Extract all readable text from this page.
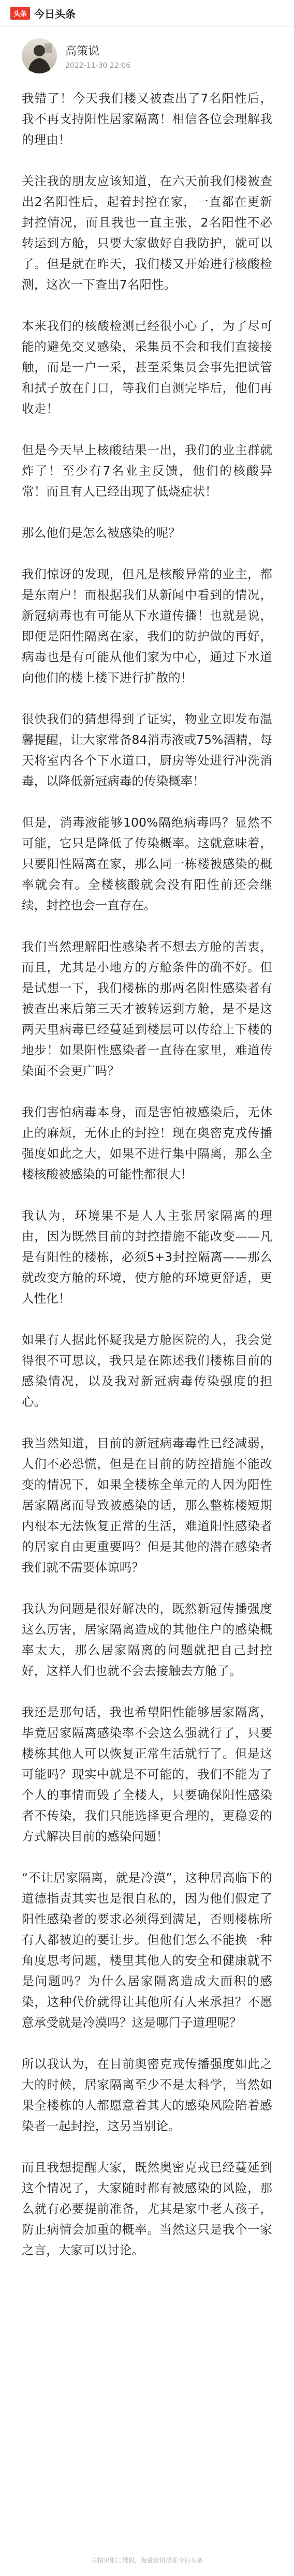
头条 今日头条
高策说
2022-11-30 22:06

我错了！今天我们楼又被查出了7名阳性后，我不再支持阳性居家隔离！相信各位会理解我的理由！

关注我的朋友应该知道，在六天前我们楼被查出2名阳性后，起着封控在家，一直都在更新封控情况，而且我也一直主张，2名阳性不必转运到方舱，只要大家做好自我防护，就可以了。但是就在昨天，我们楼又开始进行核酸检测，这次一下查出7名阳性。

本来我们的核酸检测已经很小心了，为了尽可能的避免交叉感染，采集员不会和我们直接接触，而是一户一采，甚至采集员会事先把试管和拭子放在门口，等我们自测完毕后，他们再收走！

但是今天早上核酸结果一出，我们的业主群就炸了！至少有7名业主反馈，他们的核酸异常！而且有人已经出现了低烧症状！

那么他们是怎么被感染的呢？

我们惊讶的发现，但凡是核酸异常的业主，都是东南户！而根据我们从新闻中看到的情况，新冠病毒也有可能从下水道传播！也就是说，即便是阳性隔离在家，我们的防护做的再好，病毒也是有可能从他们家为中心，通过下水道向他们的楼上楼下进行扩散的！

很快我们的猜想得到了证实，物业立即发布温馨提醒，让大家常备84消毒液或75%酒精，每天将室内各个下水道口，厨房等处进行冲洗消毒，以降低新冠病毒的传染概率！

但是，消毒液能够100%隔绝病毒吗？显然不可能，它只是降低了传染概率。这就意味着，只要阳性隔离在家，那么同一栋楼被感染的概率就会有。全楼核酸就会没有阳性前还会继续，封控也会一直存在。

我们当然理解阳性感染者不想去方舱的苦衷，而且，尤其是小地方的方舱条件的确不好。但是试想一下，我们楼栋的那两名阳性感染者有被查出来后第三天才被转运到方舱，是不是这两天里病毒已经蔓延到楼层可以传给上下楼的地步！如果阳性感染者一直待在家里，难道传染面不会更广吗？

我们害怕病毒本身，而是害怕被感染后，无休止的麻烦，无休止的封控！现在奥密克戎传播强度如此之大，如果不进行集中隔离，那么全楼核酸被感染的可能性都很大！

我认为，环境果不是人人主张居家隔离的理由，因为既然目前的封控措施不能改变——凡是有阳性的楼栋，必须5+3封控隔离——那么就改变方舱的环境，使方舱的环境更舒适，更人性化！

如果有人据此怀疑我是方舱医院的人，我会觉得很不可思议，我只是在陈述我们楼栋目前的感染情况，以及我对新冠病毒传染强度的担心。

我当然知道，目前的新冠病毒毒性已经减弱，人们不必恐慌，但是在目前的防控措施不能改变的情况下，如果全楼栋全单元的人因为阳性居家隔离而导致被感染的话，那么整栋楼短期内根本无法恢复正常的生活，难道阳性感染者的居家自由更重要吗？但是其他的潜在感染者我们就不需要体谅吗？

我认为问题是很好解决的，既然新冠传播强度这么厉害，居家隔离造成的其他住户的感染概率太大，那么居家隔离的问题就把自己封控好，这样人们也就不会去接触去方舱了。

我还是那句话，我也希望阳性能够居家隔离，毕竟居家隔离感染率不会这么强就行了，只要楼栋其他人可以恢复正常生活就行了。但是这可能吗？现实中就是不可能的，我们不能为了个人的事情而毁了全楼人，只要确保阳性感染者不传染，我们只能选择更合理的，更稳妥的方式解决目前的感染问题！

“不让居家隔离，就是冷漠”，这种居高临下的道德指责其实也是很自私的，因为他们假定了阳性感染者的要求必须得到满足，否则楼栋所有人都被迫的要让步。但他们怎么不能换一种角度思考问题，楼里其他人的安全和健康就不是问题吗？为什么居家隔离造成大面积的感染，这种代价就得让其他所有人来承担？不愿意承受就是冷漠吗？这是哪门子道理呢？

所以我认为，在目前奥密克戎传播强度如此之大的时候，居家隔离至少不是太科学，当然如果全楼栋的人都愿意着其大的感染风险陪着感染者一起封控，这另当别论。

而且我想提醒大家，既然奥密克戎已经蔓延到这个情况了，大家随时都有被感染的风险，那么就有必要提前准备，尤其是家中老人孩子，防止病情会加重的概率。当然这只是我个一家之言，大家可以讨论。

长按识别二维码，海量资讯尽在今日头条
